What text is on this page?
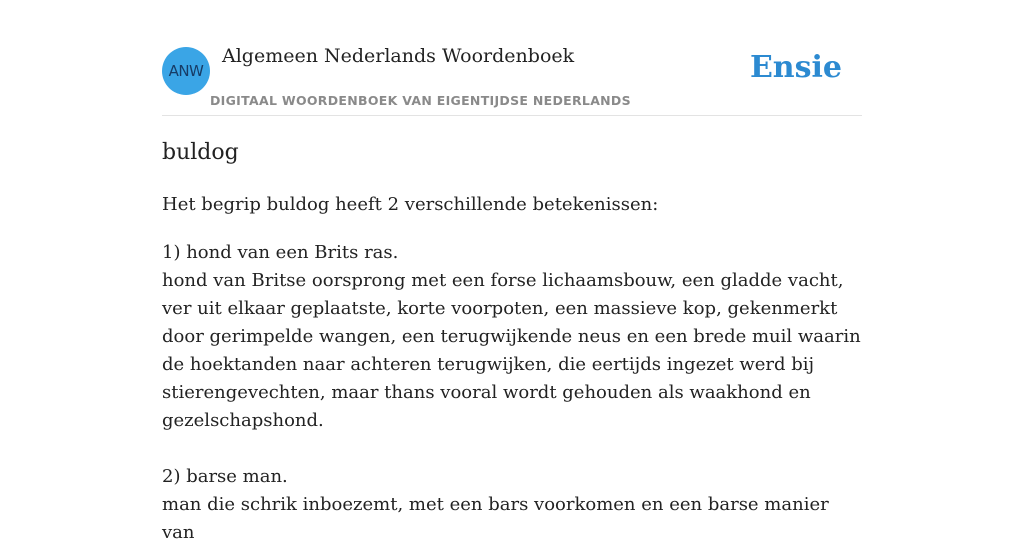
ANW
Algemeen Nederlands Woordenboek
DIGITAAL WOORDENBOEK VAN EIGENTIJDSE NEDERLANDS
Ensie
buldog
Het begrip buldog heeft 2 verschillende betekenissen:

1) hond van een Brits ras.
hond van Britse oorsprong met een forse lichaamsbouw, een gladde vacht, ver uit elkaar geplaatste, korte voorpoten, een massieve kop, gekenmerkt door gerimpelde wangen, een terugwijkende neus en een brede muil waarin de hoektanden naar achteren terugwijken, die eertijds ingezet werd bij stierengevechten, maar thans vooral wordt gehouden als waakhond en gezelschapshond.

2) barse man.
man die schrik inboezemt, met een bars voorkomen en een barse manier van
